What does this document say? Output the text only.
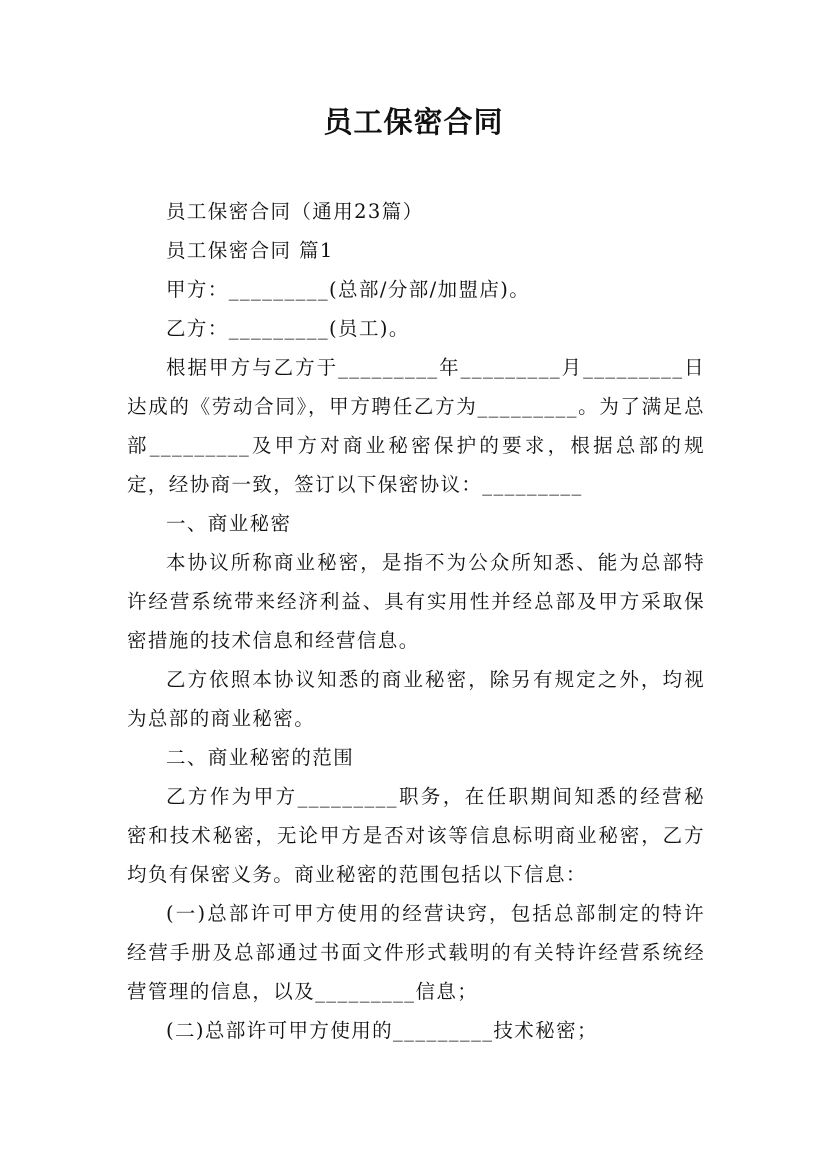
员工保密合同

员工保密合同（通用23篇）

员工保密合同 篇1

甲方：_________(总部/分部/加盟店)。

乙方：_________(员工)。

根据甲方与乙方于_________年_________月_________日达成的《劳动合同》，甲方聘任乙方为_________。为了满足总部_________及甲方对商业秘密保护的要求，根据总部的规定，经协商一致，签订以下保密协议：_________

一、商业秘密

本协议所称商业秘密，是指不为公众所知悉、能为总部特许经营系统带来经济利益、具有实用性并经总部及甲方采取保密措施的技术信息和经营信息。

乙方依照本协议知悉的商业秘密，除另有规定之外，均视为总部的商业秘密。

二、商业秘密的范围

乙方作为甲方_________职务，在任职期间知悉的经营秘密和技术秘密，无论甲方是否对该等信息标明商业秘密，乙方均负有保密义务。商业秘密的范围包括以下信息：

(一)总部许可甲方使用的经营诀窍，包括总部制定的特许经营手册及总部通过书面文件形式载明的有关特许经营系统经营管理的信息，以及_________信息；

(二)总部许可甲方使用的_________技术秘密；
